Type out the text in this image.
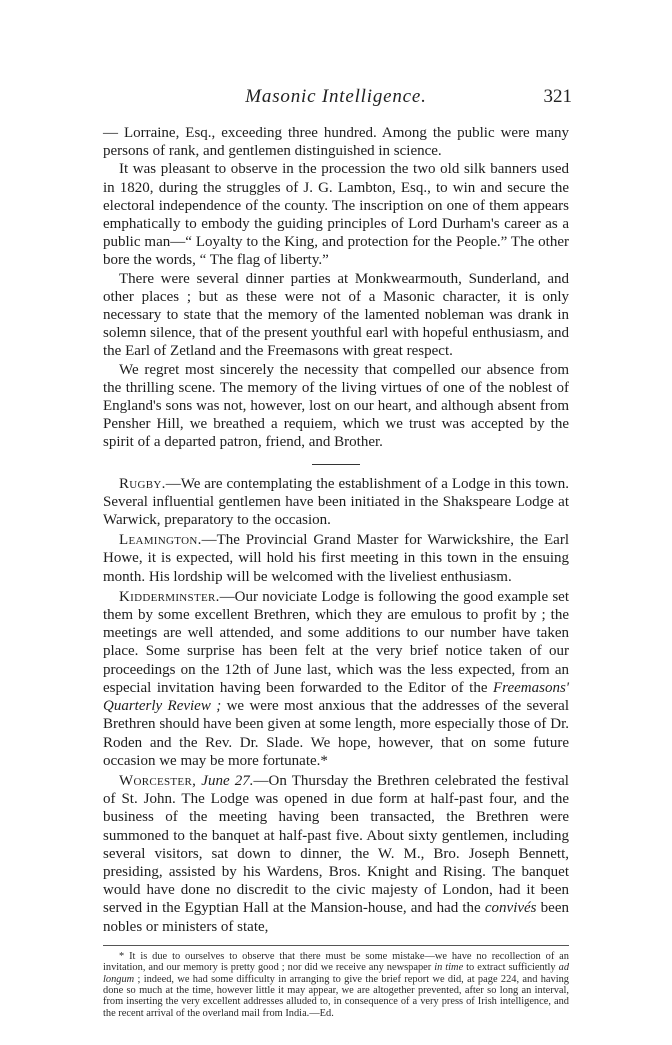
Masonic Intelligence.	321

— Lorraine, Esq., exceeding three hundred. Among the public were many persons of rank, and gentlemen distinguished in science.

It was pleasant to observe in the procession the two old silk banners used in 1820, during the struggles of J. G. Lambton, Esq., to win and secure the electoral independence of the county. The inscription on one of them appears emphatically to embody the guiding principles of Lord Durham's career as a public man—“ Loyalty to the King, and protection for the People.” The other bore the words, “ The flag of liberty.”

There were several dinner parties at Monkwearmouth, Sunderland, and other places ; but as these were not of a Masonic character, it is only necessary to state that the memory of the lamented nobleman was drank in solemn silence, that of the present youthful earl with hopeful enthusiasm, and the Earl of Zetland and the Freemasons with great respect.

We regret most sincerely the necessity that compelled our absence from the thrilling scene. The memory of the living virtues of one of the noblest of England's sons was not, however, lost on our heart, and although absent from Pensher Hill, we breathed a requiem, which we trust was accepted by the spirit of a departed patron, friend, and Brother.

Rugby.—We are contemplating the establishment of a Lodge in this town. Several influential gentlemen have been initiated in the Shakspeare Lodge at Warwick, preparatory to the occasion.

Leamington.—The Provincial Grand Master for Warwickshire, the Earl Howe, it is expected, will hold his first meeting in this town in the ensuing month. His lordship will be welcomed with the liveliest enthusiasm.

Kidderminster.—Our noviciate Lodge is following the good example set them by some excellent Brethren, which they are emulous to profit by ; the meetings are well attended, and some additions to our number have taken place. Some surprise has been felt at the very brief notice taken of our proceedings on the 12th of June last, which was the less expected, from an especial invitation having been forwarded to the Editor of the Freemasons' Quarterly Review ; we were most anxious that the addresses of the several Brethren should have been given at some length, more especially those of Dr. Roden and the Rev. Dr. Slade. We hope, however, that on some future occasion we may be more fortunate.*

Worcester, June 27.—On Thursday the Brethren celebrated the festival of St. John. The Lodge was opened in due form at half-past four, and the business of the meeting having been transacted, the Brethren were summoned to the banquet at half-past five. About sixty gentlemen, including several visitors, sat down to dinner, the W. M., Bro. Joseph Bennett, presiding, assisted by his Wardens, Bros. Knight and Rising. The banquet would have done no discredit to the civic majesty of London, had it been served in the Egyptian Hall at the Mansion-house, and had the convivés been nobles or ministers of state,

* It is due to ourselves to observe that there must be some mistake—we have no recollection of an invitation, and our memory is pretty good ; nor did we receive any newspaper in time to extract sufficiently ad longum ; indeed, we had some difficulty in arranging to give the brief report we did, at page 224, and having done so much at the time, however little it may appear, we are altogether prevented, after so long an interval, from inserting the very excellent addresses alluded to, in consequence of a very press of Irish intelligence, and the recent arrival of the overland mail from India.—Ed.
